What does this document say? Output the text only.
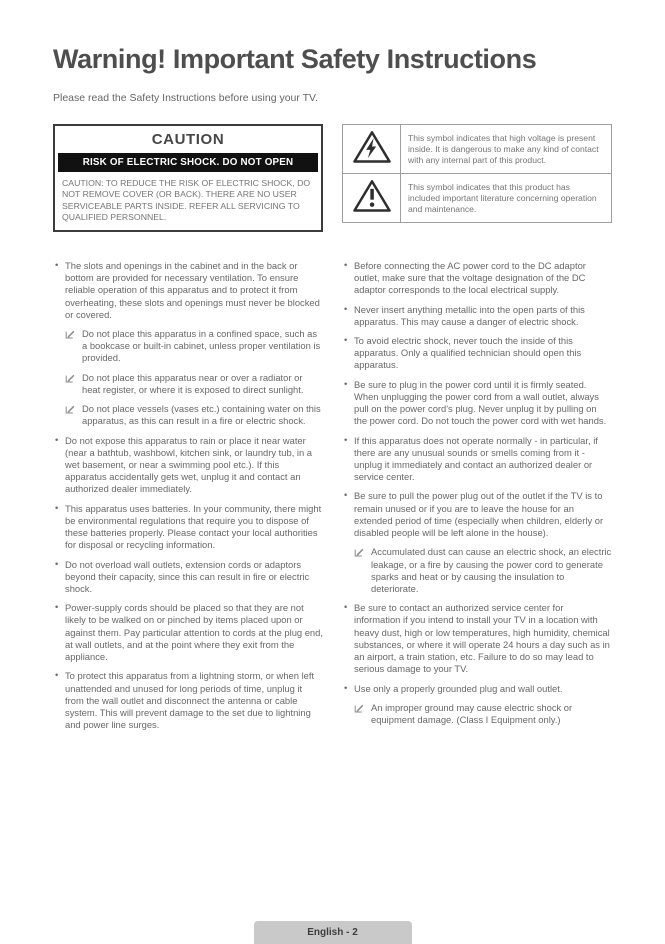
Warning! Important Safety Instructions
Please read the Safety Instructions before using your TV.
CAUTION
RISK OF ELECTRIC SHOCK. DO NOT OPEN
CAUTION: TO REDUCE THE RISK OF ELECTRIC SHOCK, DO NOT REMOVE COVER (OR BACK). THERE ARE NO USER SERVICEABLE PARTS INSIDE. REFER ALL SERVICING TO QUALIFIED PERSONNEL.
	This symbol indicates that high voltage is present inside. It is dangerous to make any kind of contact with any internal part of this product.
	This symbol indicates that this product has included important literature concerning operation and maintenance.
• The slots and openings in the cabinet and in the back or bottom are provided for necessary ventilation. To ensure reliable operation of this apparatus and to protect it from overheating, these slots and openings must never be blocked or covered.
Do not place this apparatus in a confined space, such as a bookcase or built-in cabinet, unless proper ventilation is provided.
Do not place this apparatus near or over a radiator or heat register, or where it is exposed to direct sunlight.
Do not place vessels (vases etc.) containing water on this apparatus, as this can result in a fire or electric shock.
• Do not expose this apparatus to rain or place it near water (near a bathtub, washbowl, kitchen sink, or laundry tub, in a wet basement, or near a swimming pool etc.). If this apparatus accidentally gets wet, unplug it and contact an authorized dealer immediately.
• This apparatus uses batteries. In your community, there might be environmental regulations that require you to dispose of these batteries properly. Please contact your local authorities for disposal or recycling information.
• Do not overload wall outlets, extension cords or adaptors beyond their capacity, since this can result in fire or electric shock.
• Power-supply cords should be placed so that they are not likely to be walked on or pinched by items placed upon or against them. Pay particular attention to cords at the plug end, at wall outlets, and at the point where they exit from the appliance.
• To protect this apparatus from a lightning storm, or when left unattended and unused for long periods of time, unplug it from the wall outlet and disconnect the antenna or cable system. This will prevent damage to the set due to lightning and power line surges.
• Before connecting the AC power cord to the DC adaptor outlet, make sure that the voltage designation of the DC adaptor corresponds to the local electrical supply.
• Never insert anything metallic into the open parts of this apparatus. This may cause a danger of electric shock.
• To avoid electric shock, never touch the inside of this apparatus. Only a qualified technician should open this apparatus.
• Be sure to plug in the power cord until it is firmly seated. When unplugging the power cord from a wall outlet, always pull on the power cord's plug. Never unplug it by pulling on the power cord. Do not touch the power cord with wet hands.
• If this apparatus does not operate normally - in particular, if there are any unusual sounds or smells coming from it - unplug it immediately and contact an authorized dealer or service center.
• Be sure to pull the power plug out of the outlet if the TV is to remain unused or if you are to leave the house for an extended period of time (especially when children, elderly or disabled people will be left alone in the house).
Accumulated dust can cause an electric shock, an electric leakage, or a fire by causing the power cord to generate sparks and heat or by causing the insulation to deteriorate.
• Be sure to contact an authorized service center for information if you intend to install your TV in a location with heavy dust, high or low temperatures, high humidity, chemical substances, or where it will operate 24 hours a day such as in an airport, a train station, etc. Failure to do so may lead to serious damage to your TV.
• Use only a properly grounded plug and wall outlet.
An improper ground may cause electric shock or equipment damage. (Class I Equipment only.)
English - 2
